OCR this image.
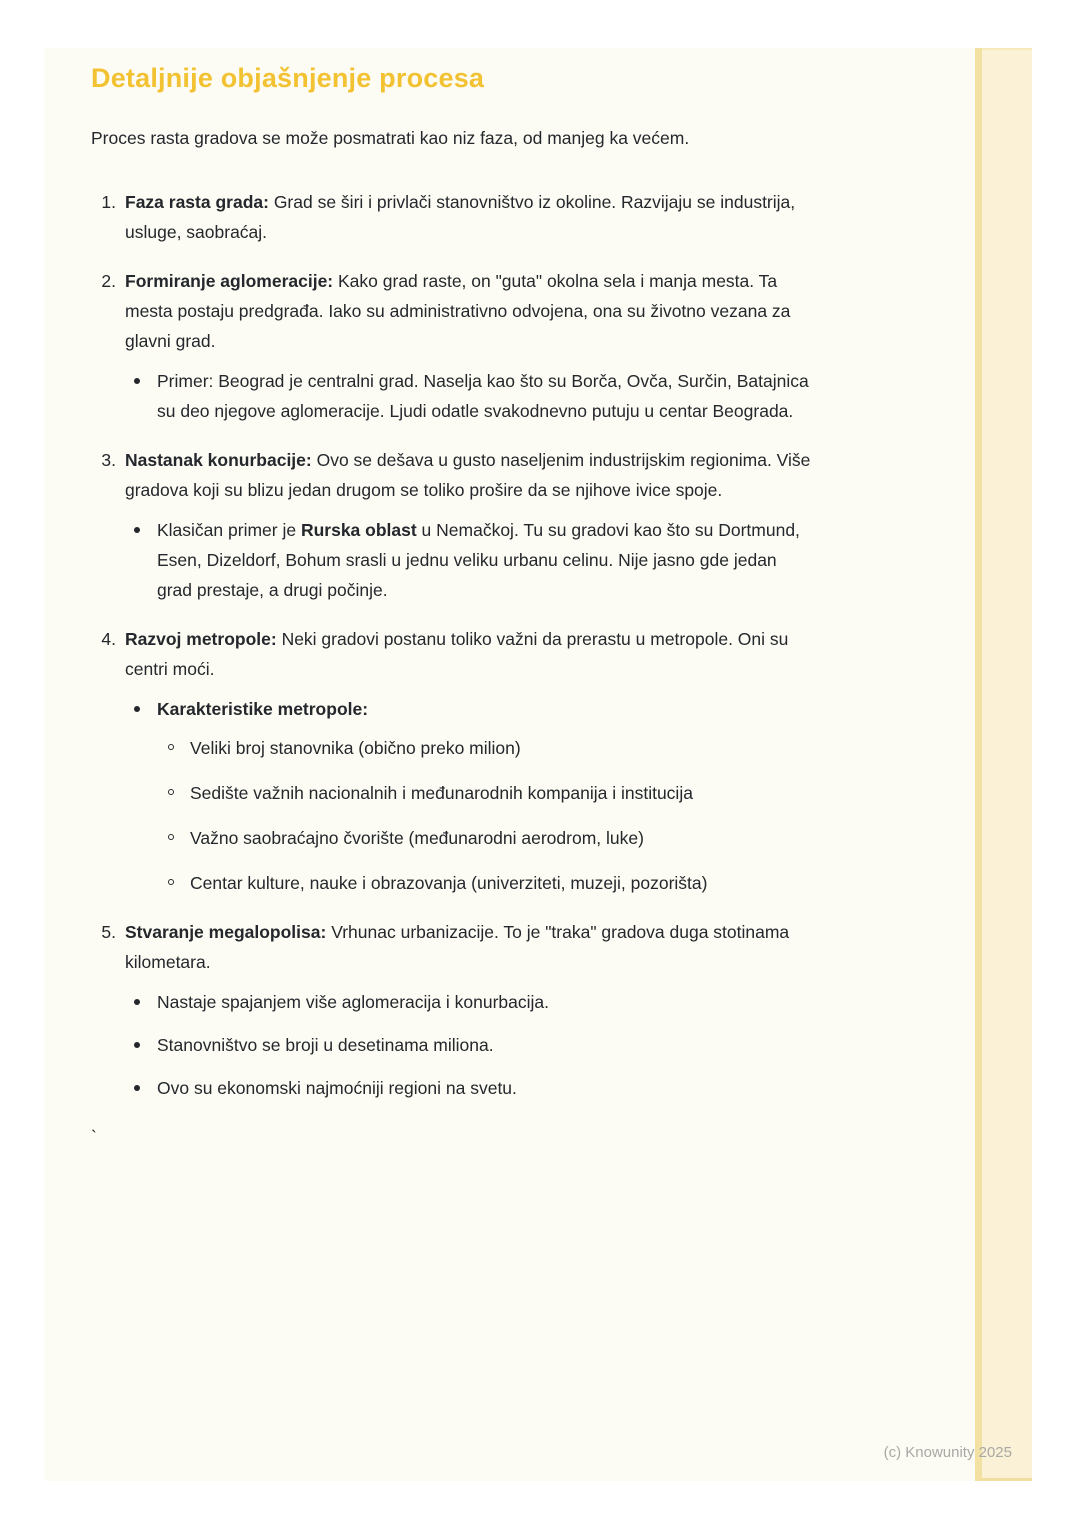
Detaljnije objašnjenje procesa

Proces rasta gradova se može posmatrati kao niz faza, od manjeg ka većem.

1. Faza rasta grada: Grad se širi i privlači stanovništvo iz okoline. Razvijaju se industrija, usluge, saobraćaj.
2. Formiranje aglomeracije: Kako grad raste, on "guta" okolna sela i manja mesta. Ta mesta postaju predgrađa. Iako su administrativno odvojena, ona su životno vezana za glavni grad.
Primer: Beograd je centralni grad. Naselja kao što su Borča, Ovča, Surčin, Batajnica su deo njegove aglomeracije. Ljudi odatle svakodnevno putuju u centar Beograda.
3. Nastanak konurbacije: Ovo se dešava u gusto naseljenim industrijskim regionima. Više gradova koji su blizu jedan drugom se toliko prošire da se njihove ivice spoje.
Klasičan primer je Rurska oblast u Nemačkoj. Tu su gradovi kao što su Dortmund, Esen, Dizeldorf, Bohum srasli u jednu veliku urbanu celinu. Nije jasno gde jedan grad prestaje, a drugi počinje.
4. Razvoj metropole: Neki gradovi postanu toliko važni da prerastu u metropole. Oni su centri moći.
Karakteristike metropole:
Veliki broj stanovnika (obično preko milion)
Sedište važnih nacionalnih i međunarodnih kompanija i institucija
Važno saobraćajno čvorište (međunarodni aerodrom, luke)
Centar kulture, nauke i obrazovanja (univerziteti, muzeji, pozorišta)
5. Stvaranje megalopolisa: Vrhunac urbanizacije. To je "traka" gradova duga stotinama kilometara.
Nastaje spajanjem više aglomeracija i konurbacija.
Stanovništvo se broji u desetinama miliona.
Ovo su ekonomski najmoćniji regioni na svetu.
`
(c) Knowunity 2025
